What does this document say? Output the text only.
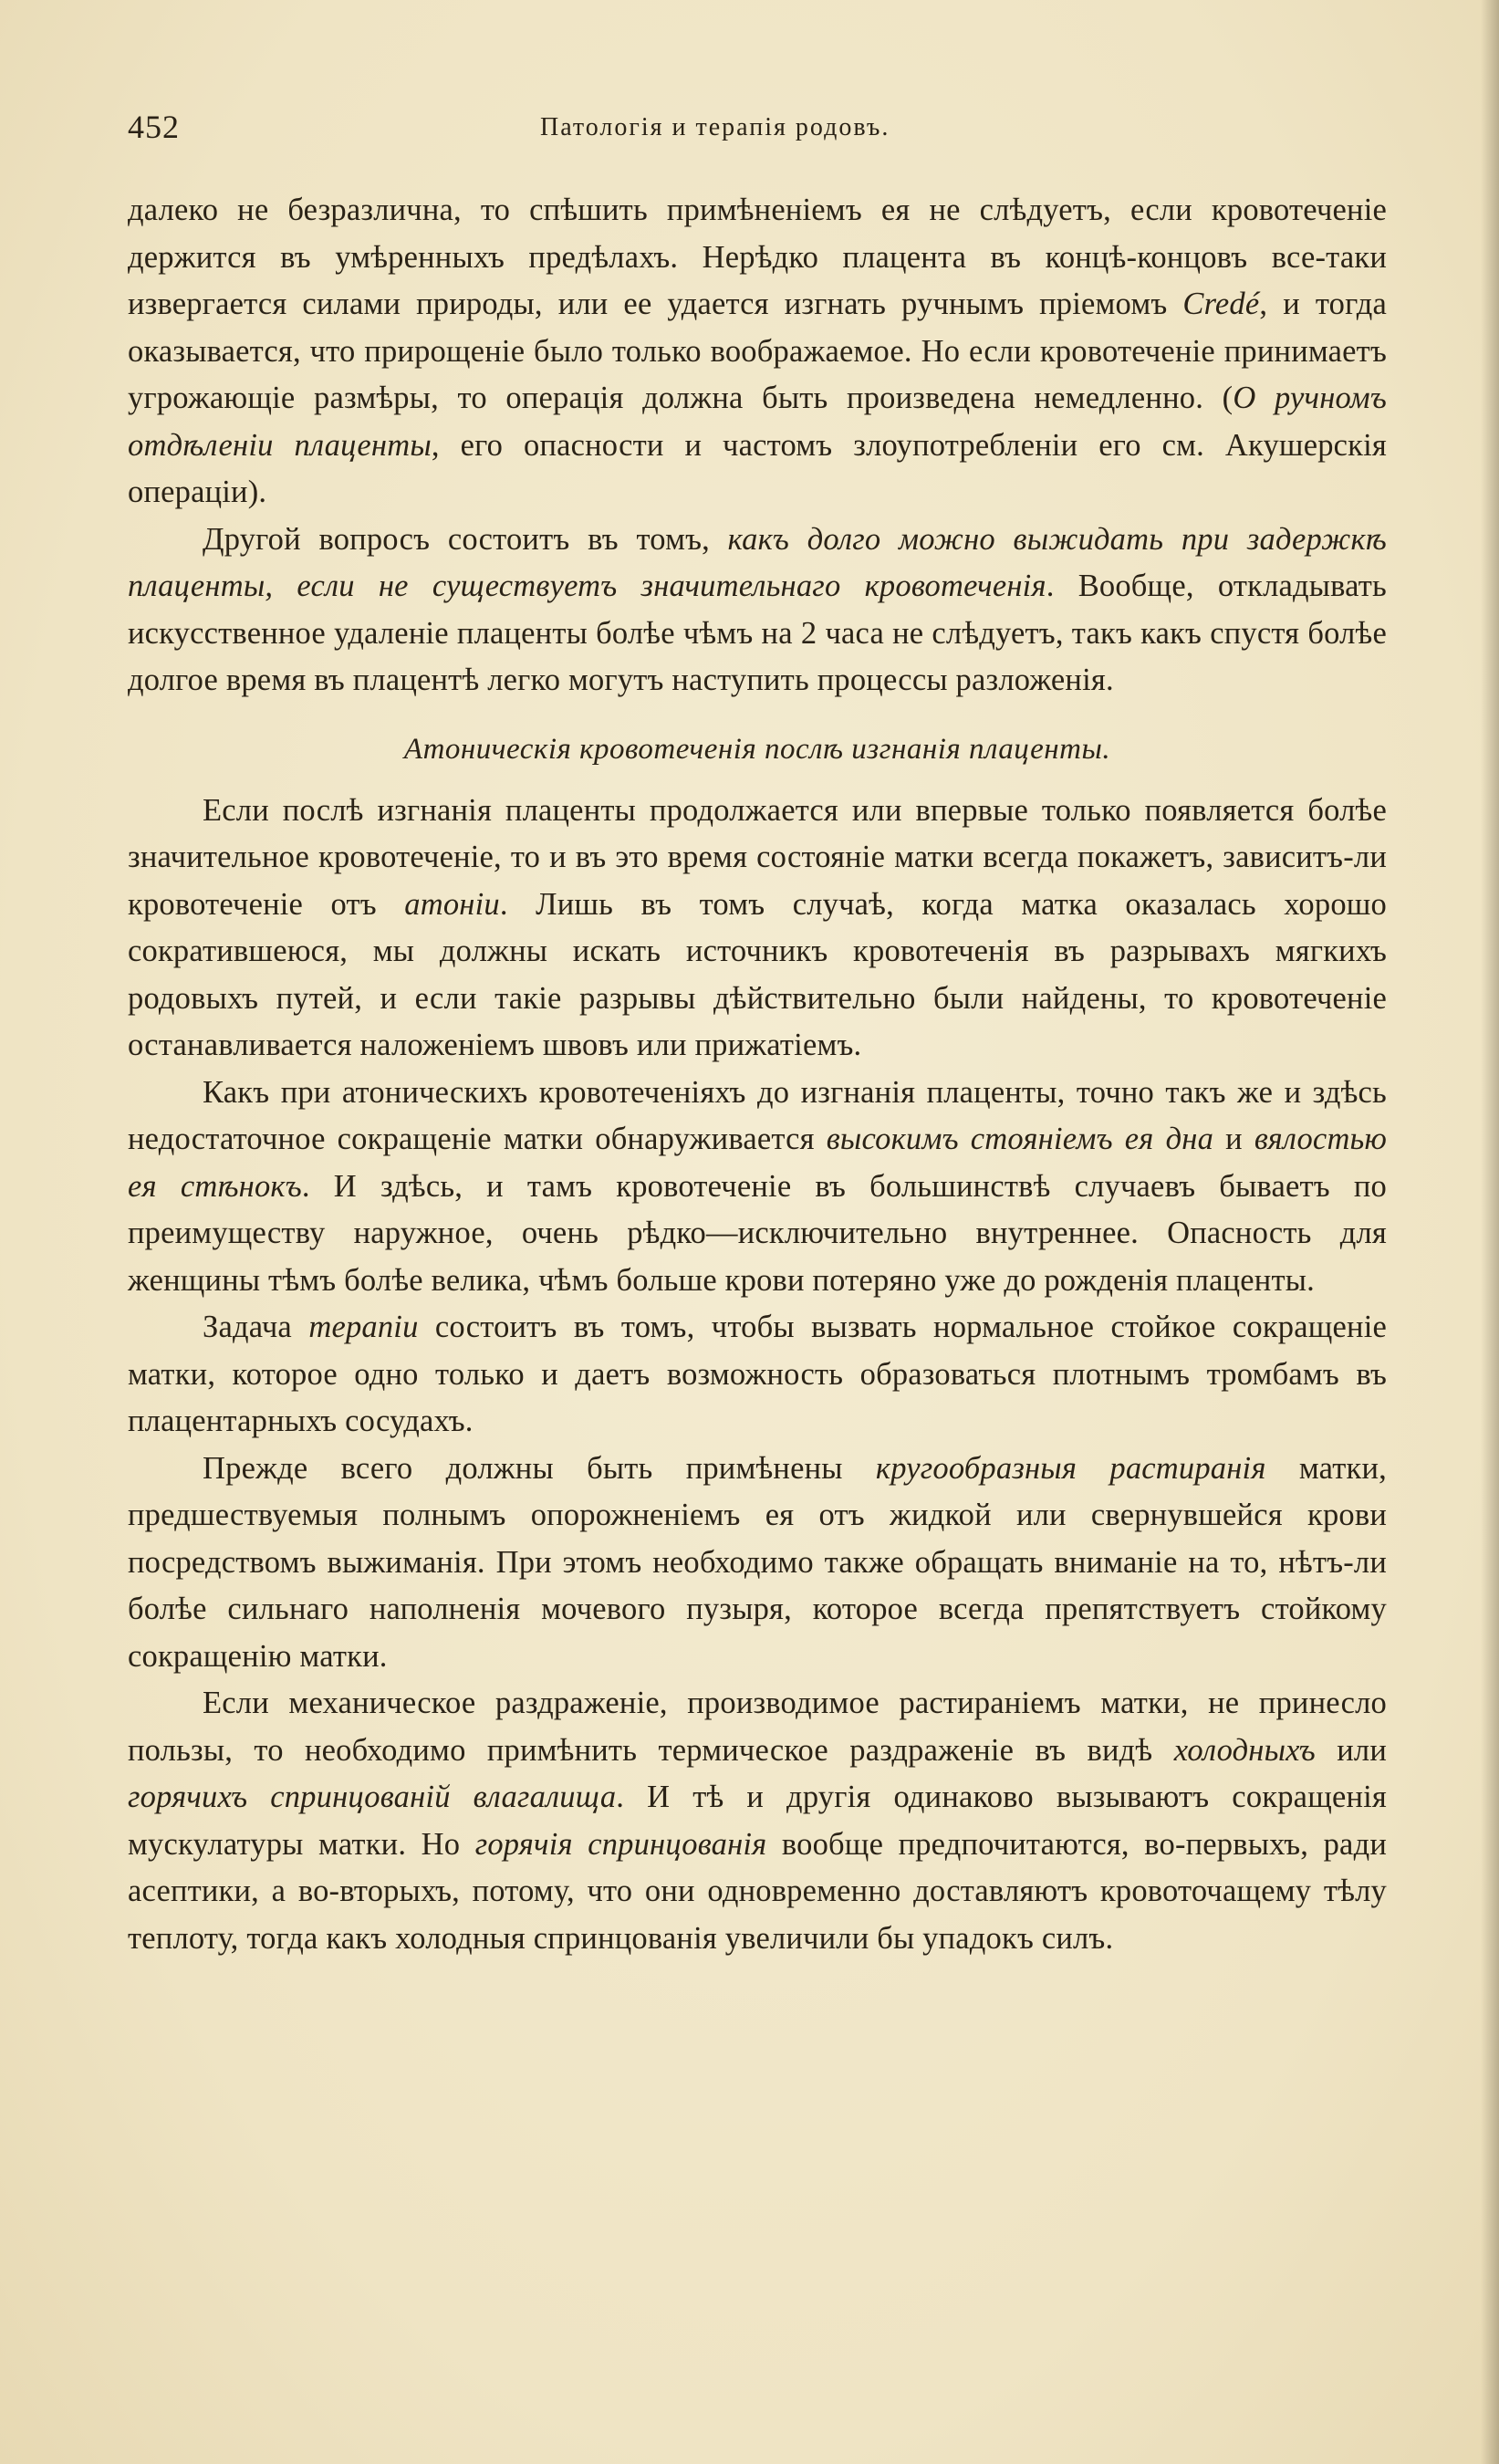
452	Патологія и терапія родовъ.

далеко не безразлична, то спѣшить примѣненіемъ ея не слѣдуетъ, если кровотеченіе держится въ умѣренныхъ предѣлахъ. Нерѣдко плацента въ концѣ-концовъ все-таки извергается силами природы, или ее удается изгнать ручнымъ пріемомъ Credé, и тогда оказывается, что прирощеніе было только воображаемое. Но если кровотеченіе принимаетъ угрожающіе размѣры, то операція должна быть произведена немедленно. (О ручномъ отдѣленіи плаценты, его опасности и частомъ злоупотребленіи его см. Акушерскія операціи).

Другой вопросъ состоитъ въ томъ, какъ долго можно выжидать при задержкѣ плаценты, если не существуетъ значительнаго кровотеченія. Вообще, откладывать искусственное удаленіе плаценты болѣе чѣмъ на 2 часа не слѣдуетъ, такъ какъ спустя болѣе долгое время въ плацентѣ легко могутъ наступить процессы разложенія.

Атоническія кровотеченія послѣ изгнанія плаценты.

Если послѣ изгнанія плаценты продолжается или впервые только появляется болѣе значительное кровотеченіе, то и въ это время состояніе матки всегда покажетъ, зависитъ-ли кровотеченіе отъ атоніи. Лишь въ томъ случаѣ, когда матка оказалась хорошо сократившеюся, мы должны искать источникъ кровотеченія въ разрывахъ мягкихъ родовыхъ путей, и если такіе разрывы дѣйствительно были найдены, то кровотеченіе останавливается наложеніемъ швовъ или прижатіемъ.

Какъ при атоническихъ кровотеченіяхъ до изгнанія плаценты, точно такъ же и здѣсь недостаточное сокращеніе матки обнаруживается высокимъ стояніемъ ея дна и вялостью ея стѣнокъ. И здѣсь, и тамъ кровотеченіе въ большинствѣ случаевъ бываетъ по преимуществу наружное, очень рѣдко—исключительно внутреннее. Опасность для женщины тѣмъ болѣе велика, чѣмъ больше крови потеряно уже до рожденія плаценты.

Задача терапіи состоитъ въ томъ, чтобы вызвать нормальное стойкое сокращеніе матки, которое одно только и даетъ возможность образоваться плотнымъ тромбамъ въ плацентарныхъ сосудахъ.

Прежде всего должны быть примѣнены кругообразныя растиранія матки, предшествуемыя полнымъ опорожненіемъ ея отъ жидкой или свернувшейся крови посредствомъ выжиманія. При этомъ необходимо также обращать вниманіе на то, нѣтъ-ли болѣе сильнаго наполненія мочевого пузыря, которое всегда препятствуетъ стойкому сокращенію матки.

Если механическое раздраженіе, производимое растираніемъ матки, не принесло пользы, то необходимо примѣнить термическое раздраженіе въ видѣ холодныхъ или горячихъ спринцованій влагалища. И тѣ и другія одинаково вызываютъ сокращенія мускулатуры матки. Но горячія спринцованія вообще предпочитаются, во-первыхъ, ради асептики, а во-вторыхъ, потому, что они одновременно доставляютъ кровоточащему тѣлу теплоту, тогда какъ холодныя спринцованія увеличили бы упадокъ силъ.
